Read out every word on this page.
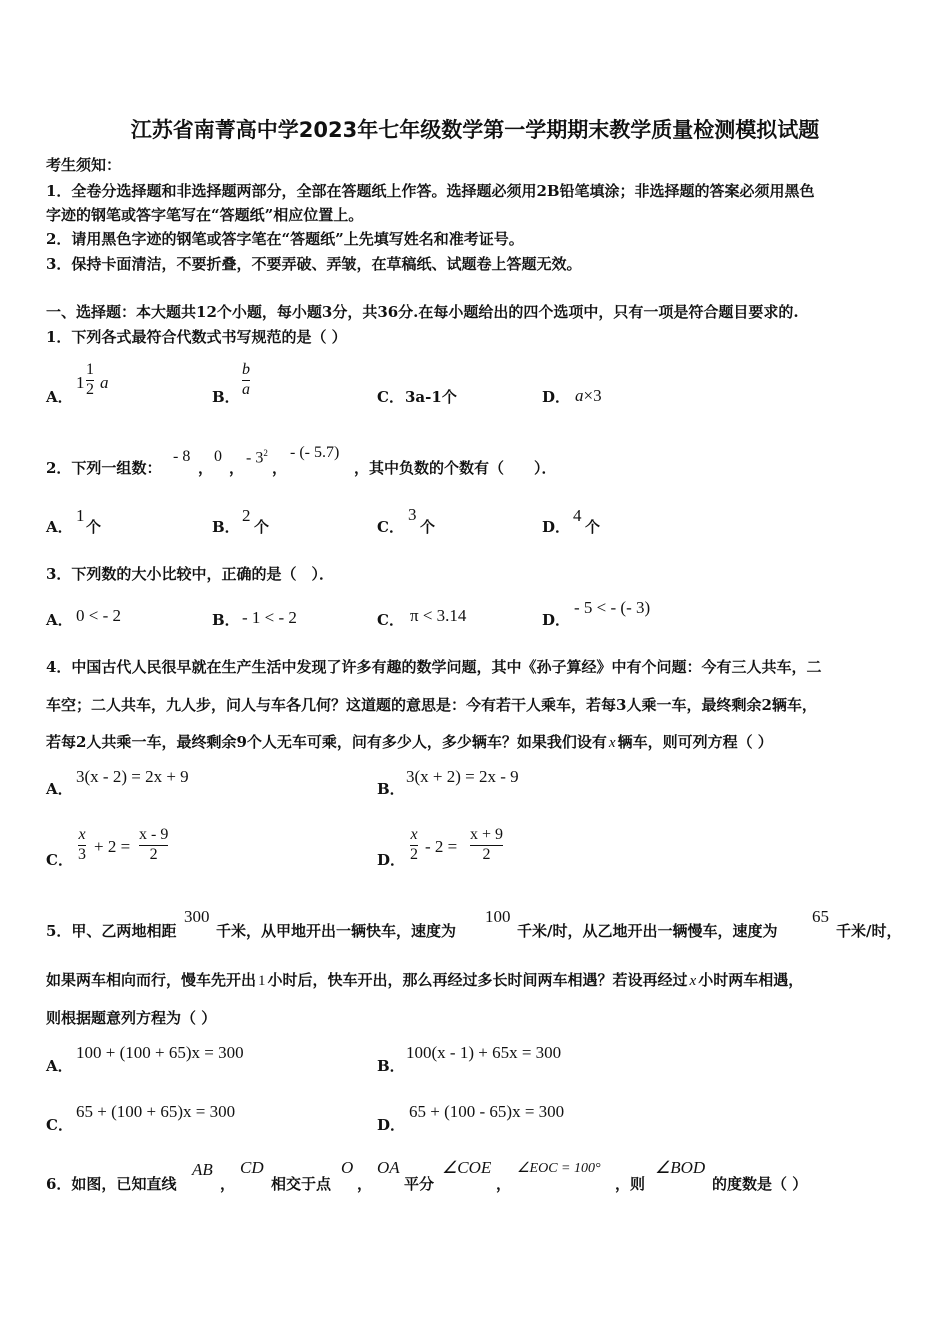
江苏省南菁高中学2023年七年级数学第一学期期末教学质量检测模拟试题
考生须知：
1．全卷分选择题和非选择题两部分，全部在答题纸上作答。选择题必须用2B铅笔填涂；非选择题的答案必须用黑色
字迹的钢笔或答字笔写在“答题纸”相应位置上。
2．请用黑色字迹的钢笔或答字笔在“答题纸”上先填写姓名和准考证号。
3．保持卡面清洁，不要折叠，不要弄破、弄皱，在草稿纸、试题卷上答题无效。
一、选择题：本大题共12个小题，每小题3分，共36分.在每小题给出的四个选项中，只有一项是符合题目要求的.
1．下列各式最符合代数式书写规范的是（ ）
A．
1
1
2 a
B．
b
a	C． 3a-1个	D． a×3
2．下列一组数：
- 8
，
0
，
- $3^2$
，
- (- 5.7)
，其中负数的个数有（　　）．
A．
1
个	B．
2
个	C．
3
个	D．
4
个
3．下列数的大小比较中，正确的是（　）．
A． 0 < - 2	B． - 1 < - 2	C． π < 3.14	D．
- 5 < - (- 3)
4．中国古代人民很早就在生产生活中发现了许多有趣的数学问题，其中《孙子算经》中有个问题：今有三人共车，二
车空；二人共车，九人步，问人与车各几何？这道题的意思是：今有若干人乘车，若每3人乘一车，最终剩余2辆车，
若每2人共乘一车，最终剩余9个人无车可乘，问有多少人，多少辆车？如果我们设有 x 辆车，则可列方程（ ）
A．
3(x - 2) = 2x + 9
B．
3(x + 2) = 2x - 9
C．
x
3 + 2 =
x - 9
2	D．
x
2 - 2 =
x + 9
2
5．甲、乙两地相距
300
千米，从甲地开出一辆快车，速度为
100
千米/时，从乙地开出一辆慢车，速度为
65
千米/时，
如果两车相向而行，慢车先开出 1 小时后，快车开出，那么再经过多长时间两车相遇？若设再经过 x 小时两车相遇，
则根据题意列方程为（ ）
A．
100 + (100 + 65)x = 300
B．
100(x - 1) + 65x = 300
C．
65 + (100 + 65)x = 300
D．
65 + (100 - 65)x = 300
6．如图，已知直线
AB
，
CD
相交于点
O
，
OA
平分
∠COE
，
∠EOC = 100°
，则
∠BOD
的度数是（ ）
